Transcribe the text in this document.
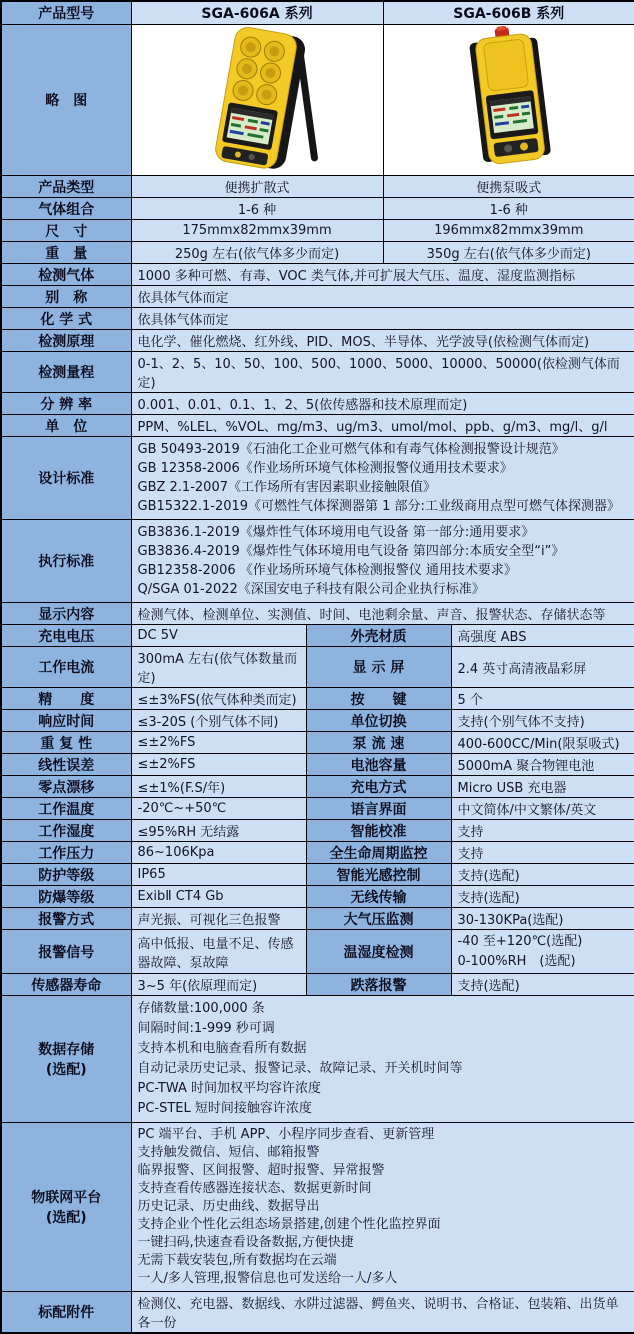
产品型号	SGA-606A 系列		SGA-606B 系列	
略　图		
产品类型	便携扩散式		便携泵吸式	
气体组合	1-6 种		1-6 种	
尺　寸	175mmx82mmx39mm		196mmx82mmx39mm	
重　量	250g 左右(依气体多少而定)		350g 左右(依气体多少而定)	
检测气体	1000 多种可燃、有毒、VOC 类气体,并可扩展大气压、温度、湿度监测指标			
别　称	依具体气体而定			
化 学 式	依具体气体而定			
检测原理	电化学、催化燃烧、红外线、PID、MOS、半导体、光学波导(依检测气体而定)			
检测量程	0-1、2、5、10、50、100、500、1000、5000、10000、50000(依检测气体而定)			
分 辨 率	0.001、0.01、0.1、1、2、5(依传感器和技术原理而定)			
单　位	PPM、%LEL、%VOL、mg/m3、ug/m3、umol/mol、ppb、g/m3、mg/l、g/l			
设计标准	GB 50493-2019《石油化工企业可燃气体和有毒气体检测报警设计规范》
GB 12358-2006《作业场所环境气体检测报警仪通用技术要求》
GBZ 2.1-2007《工作场所有害因素职业接触限值》
GB15322.1-2019《可燃性气体探测器第 1 部分:工业级商用点型可燃气体探测器》			

执行标准	GB3836.1-2019《爆炸性气体环境用电气设备 第一部分:通用要求》
GB3836.4-2019《爆炸性气体环境用电气设备 第四部分:本质安全型“i”》
GB12358-2006 《作业场所环境气体检测报警仪 通用技术要求》
Q/SGA 01-2022《深国安电子科技有限公司企业执行标准》			

显示内容	检测气体、检测单位、实测值、时间、电池剩余量、声音、报警状态、存储状态等			
充电电压	DC 5V	外壳材质		高强度 ABS
工作电流	300mA 左右(依气体数量而定)	显 示 屏		2.4 英寸高清液晶彩屏
精　　度	≤±3%FS(依气体种类而定)	按　　键		5 个
响应时间	≤3-20S (个别气体不同)	单位切换		支持(个别气体不支持)
重 复 性	≤±2%FS	泵 流 速		400-600CC/Min(限泵吸式)
线性误差	≤±2%FS	电池容量		5000mA 聚合物锂电池
零点漂移	≤±1%(F.S/年)	充电方式		Micro USB 充电器
工作温度	-20℃~+50℃	语言界面		中文简体/中文繁体/英文
工作湿度	≤95%RH 无结露	智能校准		支持
工作压力	86~106Kpa	全生命周期监控		支持
防护等级	IP65	智能光感控制		支持(选配)
防爆等级	ExibⅡ CT4 Gb	无线传输		支持(选配)
报警方式	声光振、可视化三色报警	大气压监测		30-130KPa(选配)
报警信号	高中低报、电量不足、传感器故障、泵故障	温湿度检测		-40 至+120℃(选配)
0-100%RH　(选配)

传感器寿命	3~5 年(依原理而定)	跌落报警		支持(选配)

数据存储
(选配)

存储数量:100,000 条
间隔时间:1-999 秒可调
支持本机和电脑查看所有数据
自动记录历史记录、报警记录、故障记录、开关机时间等
PC-TWA 时间加权平均容许浓度
PC-STEL 短时间接触容许浓度

物联网平台
(选配)

PC 端平台、手机 APP、小程序同步查看、更新管理
支持触发微信、短信、邮箱报警
临界报警、区间报警、超时报警、异常报警
支持查看传感器连接状态、数据更新时间
历史记录、历史曲线、数据导出
支持企业个性化云组态场景搭建,创建个性化监控界面
一键扫码,快速查看设备数据,方便快捷
无需下载安装包,所有数据均在云端
一人/多人管理,报警信息也可发送给一人/多人

标配附件	检测仪、充电器、数据线、水阱过滤器、鳄鱼夹、说明书、合格证、包装箱、出货单各一份			
